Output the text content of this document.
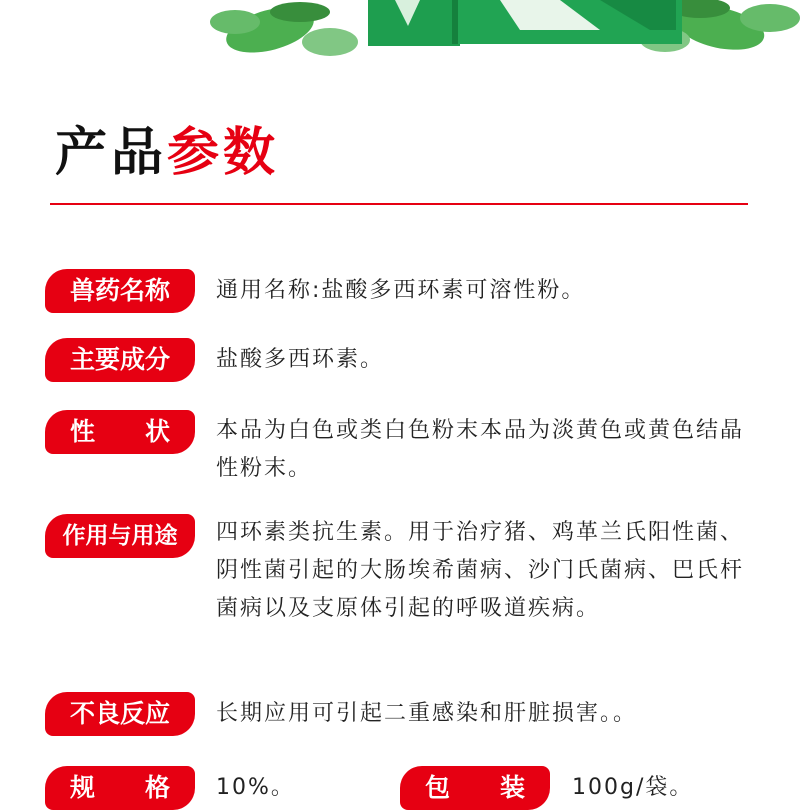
产品参数
兽药名称	通用名称:盐酸多西环素可溶性粉。

主要成分	盐酸多西环素。

性　　状	本品为白色或类白色粉末本品为淡黄色或黄色结晶性粉末。

作用与用途	四环素类抗生素。用于治疗猪、鸡革兰氏阳性菌、阴性菌引起的大肠埃希菌病、沙门氏菌病、巴氏杆菌病以及支原体引起的呼吸道疾病。

不良反应	长期应用可引起二重感染和肝脏损害。。

规　　格	10%。	包　　装	100g/袋。
